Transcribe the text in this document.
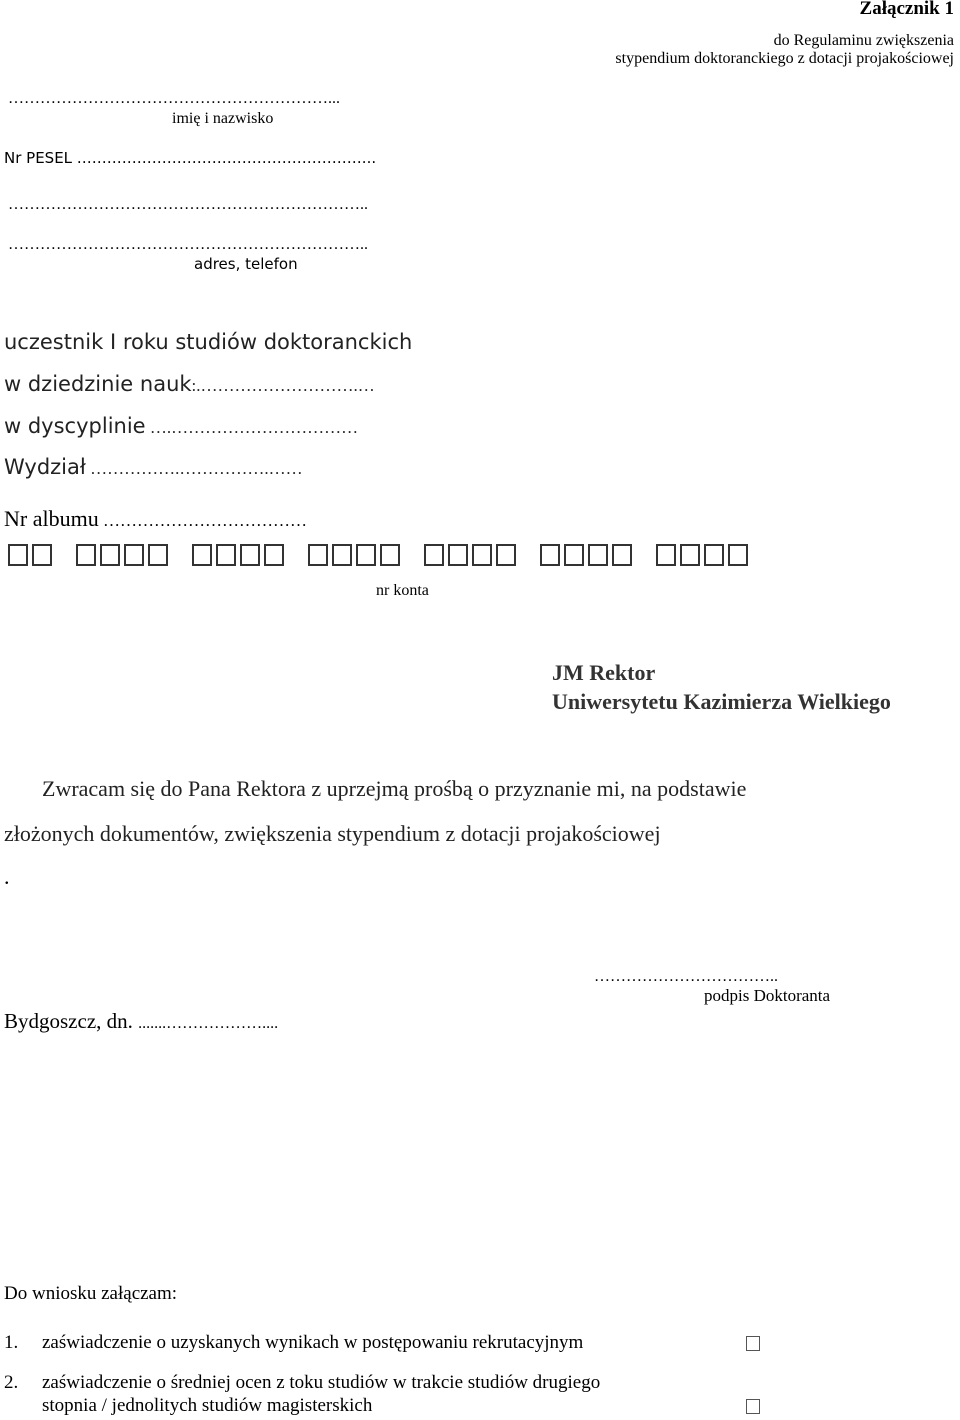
Załącznik 1
do Regulaminu zwiększenia
stypendium doktoranckiego z dotacji projakościowej
……………………………………………………...
imię i nazwisko
Nr PESEL …………………………………………………...
…………………………………………………………..
…………………………………………………………..
adres, telefon
uczestnik I roku studiów doktoranckich
w dziedzinie nauk:.……………………….…
w dyscyplinie ….……………………………
Wydział …………….…………….……
Nr albumu ………………………………
nr konta
JM Rektor
Uniwersytetu Kazimierza Wielkiego
Zwracam się do Pana Rektora z uprzejmą prośbą o przyznanie mi, na podstawie
złożonych dokumentów, zwiększenia stypendium z dotacji projakościowej
.
……………………………..
podpis Doktoranta
Bydgoszcz, dn. .......………………....
Do wniosku załączam:
1. zaświadczenie o uzyskanych wynikach w postępowaniu rekrutacyjnym
2. zaświadczenie o średniej ocen z toku studiów w trakcie studiów drugiego
stopnia / jednolitych studiów magisterskich
